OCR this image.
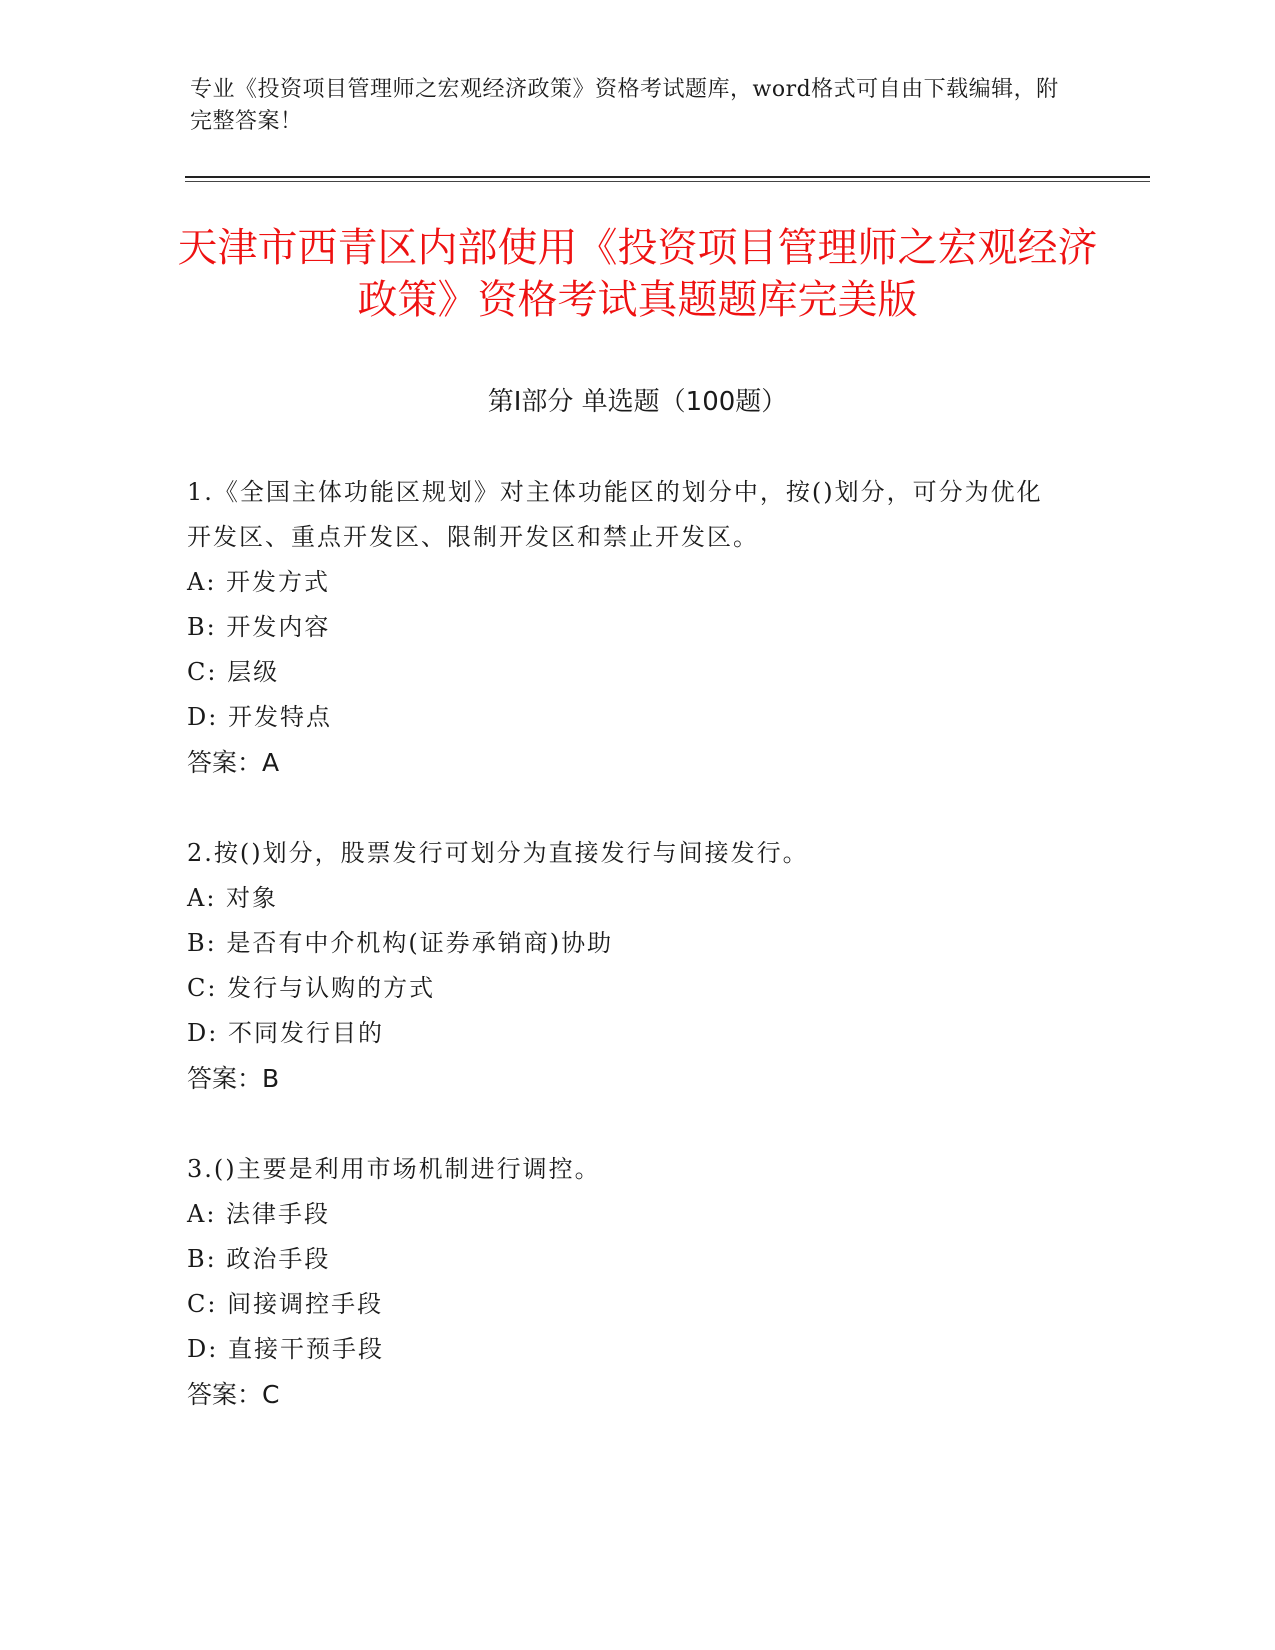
专业《投资项目管理师之宏观经济政策》资格考试题库，word格式可自由下载编辑，附完整答案！
天津市西青区内部使用《投资项目管理师之宏观经济政策》资格考试真题题库完美版
第I部分 单选题（100题）
1.《全国主体功能区规划》对主体功能区的划分中，按()划分，可分为优化开发区、重点开发区、限制开发区和禁止开发区。
A: 开发方式
B: 开发内容
C: 层级
D: 开发特点
答案：A
2.按()划分，股票发行可划分为直接发行与间接发行。
A: 对象
B: 是否有中介机构(证券承销商)协助
C: 发行与认购的方式
D: 不同发行目的
答案：B
3.()主要是利用市场机制进行调控。
A: 法律手段
B: 政治手段
C: 间接调控手段
D: 直接干预手段
答案：C
